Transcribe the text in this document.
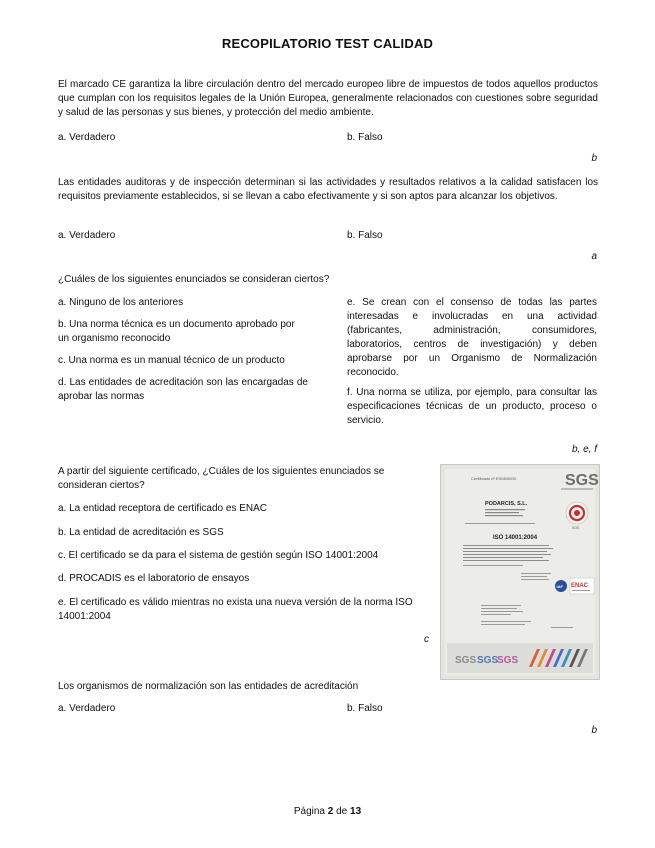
RECOPILATORIO TEST CALIDAD
El marcado CE garantiza la libre circulación dentro del mercado europeo libre de impuestos de todos aquellos productos que cumplan con los requisitos legales de la Unión Europea, generalmente relacionados con cuestiones sobre seguridad y salud de las personas y sus bienes, y protección del medio ambiente.
a. Verdadero	b. Falso
b
Las entidades auditoras y de inspección determinan si las actividades y resultados relativos a la calidad satisfacen los requisitos previamente establecidos, si se llevan a cabo efectivamente y si son aptos para alcanzar los objetivos.
a. Verdadero	b. Falso
a
¿Cuáles de los siguientes enunciados se consideran ciertos?

a. Ninguno de los anteriores

b. Una norma técnica es un documento aprobado por un organismo reconocido

c. Una norma es un manual técnico de un producto

d. Las entidades de acreditación son las encargadas de aprobar las normas

e. Se crean con el consenso de todas las partes interesadas e involucradas en una actividad (fabricantes, administración, consumidores, laboratorios, centros de investigación) y deben aprobarse por un Organismo de Normalización reconocido.

f. Una norma se utiliza, por ejemplo, para consultar las especificaciones técnicas de un producto, proceso o servicio.

b, e, f
A partir del siguiente certificado, ¿Cuáles de los siguientes enunciados se consideran ciertos?
a. La entidad receptora de certificado es ENAC
b. La entidad de acreditación es SGS
c. El certificado se da para el sistema de gestión según ISO 14001:2004
d. PROCADIS es el laboratorio de ensayos
e. El certificado es válido mientras no exista una nueva versión de la norma ISO 14001:2004
c
Certificado nº ES05/0000	SGS
PODARCIS, S.L.
SGS
ISO 14001:2004
IAF ENAC
SGS SGS
SGS
Los organismos de normalización son las entidades de acreditación
a. Verdadero	b. Falso
b
Página 2 de 13
